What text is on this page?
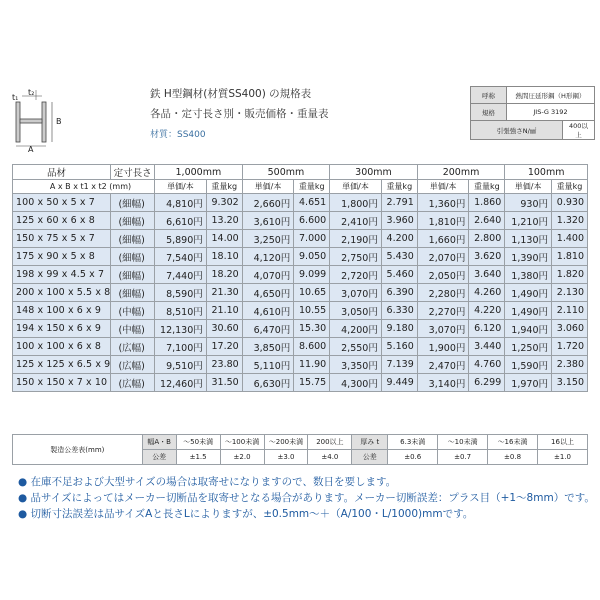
t₂
t₁
A
B
鉄 H型鋼材(材質SS400) の規格表
各品・定寸長さ別・販売価格・重量表
材質：SS400
呼称	熱間圧延形鋼（H形鋼）	
規格	JIS-G 3192	
引張強さN/㎟		400以上
品材	定寸長さ	1,000mm		500mm		300mm		200mm		100mm	
A x B x t1 x t2 (mm)		単価/本	重量kg	単価/本	重量kg	単価/本	重量kg	単価/本	重量kg	単価/本	重量kg
100 x 50 x 5 x 7	(細幅)	4,810円	9.302	2,660円	4.651	1,800円	2.791	1,360円	1.860	930円	0.930
125 x 60 x 6 x 8	(細幅)	6,610円	13.20	3,610円	6.600	2,410円	3.960	1,810円	2.640	1,210円	1.320
150 x 75 x 5 x 7	(細幅)	5,890円	14.00	3,250円	7.000	2,190円	4.200	1,660円	2.800	1,130円	1.400
175 x 90 x 5 x 8	(細幅)	7,540円	18.10	4,120円	9.050	2,750円	5.430	2,070円	3.620	1,390円	1.810
198 x 99 x 4.5 x 7	(細幅)	7,440円	18.20	4,070円	9.099	2,720円	5.460	2,050円	3.640	1,380円	1.820
200 x 100 x 5.5 x 8	(細幅)	8,590円	21.30	4,650円	10.65	3,070円	6.390	2,280円	4.260	1,490円	2.130
148 x 100 x 6 x 9	(中幅)	8,510円	21.10	4,610円	10.55	3,050円	6.330	2,270円	4.220	1,490円	2.110
194 x 150 x 6 x 9	(中幅)	12,130円	30.60	6,470円	15.30	4,200円	9.180	3,070円	6.120	1,940円	3.060
100 x 100 x 6 x 8	(広幅)	7,100円	17.20	3,850円	8.600	2,550円	5.160	1,900円	3.440	1,250円	1.720
125 x 125 x 6.5 x 9	(広幅)	9,510円	23.80	5,110円	11.90	3,350円	7.139	2,470円	4.760	1,590円	2.380
150 x 150 x 7 x 10	(広幅)	12,460円	31.50	6,630円	15.75	4,300円	9.449	3,140円	6.299	1,970円	3.150
製造公差表(mm)	幅A・B	〜50未満	〜100未満	〜200未満	200以上	厚み t	6.3未満	〜10未満	〜16未満	16以上
	公差	±1.5	±2.0	±3.0	±4.0	公差	±0.6	±0.7	±0.8	±1.0
● 在庫不足および大型サイズの場合は取寄せになりますので、数日を要します。
● 品サイズによってはメーカー切断品を取寄せとなる場合があります。メーカー切断誤差：プラス目（+1〜8mm）です。
● 切断寸法誤差は品サイズAと長さLによりますが、±0.5mm〜＋（A/100・L/1000)mmです。
